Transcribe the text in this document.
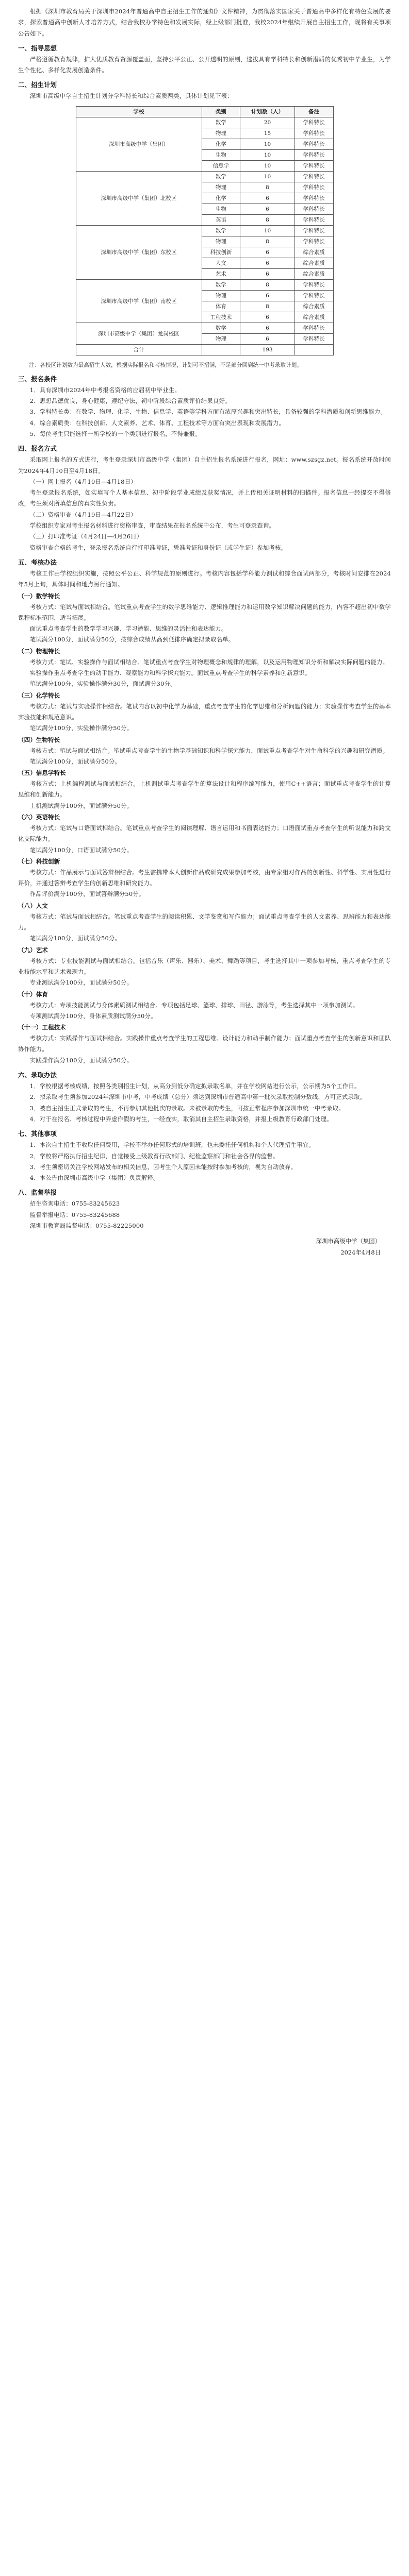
根据《深圳市教育局关于深圳市2024年普通高中自主招生工作的通知》文件精神，为贯彻落实国家关于普通高中多样化有特色发展的要求，探索普通高中创新人才培养方式，结合我校办学特色和发展实际，经上级部门批准，我校2024年继续开展自主招生工作，现将有关事项公告如下。

一、指导思想

严格遵循教育规律，扩大优质教育资源覆盖面，坚持公平公正、公开透明的原则，选拔具有学科特长和创新潜质的优秀初中毕业生，为学生个性化、多样化发展创造条件。

二、招生计划

深圳市高级中学自主招生计划分学科特长和综合素质两类，具体计划见下表：

学校	类别	计划数（人）	备注
深圳市高级中学（集团）	数学	20	学科特长
	物理	15	学科特长
	化学	10	学科特长
	生物	10	学科特长
	信息学	10	学科特长
深圳市高级中学（集团）北校区	数学	10	学科特长
	物理	8	学科特长
	化学	6	学科特长
	生物	6	学科特长
	英语	8	学科特长
深圳市高级中学（集团）东校区	数学	10	学科特长
	物理	8	学科特长
	科技创新	6	综合素质
	人文	6	综合素质
	艺术	6	综合素质
深圳市高级中学（集团）南校区	数学	8	学科特长
	物理	6	学科特长
	体育	8	综合素质
	工程技术	6	综合素质
深圳市高级中学（集团）龙岗校区	数学	6	学科特长
	物理	6	学科特长
合计		193	

注：各校区计划数为最高招生人数，根据实际报名和考核情况，计划可不招满，不足部分回到统一中考录取计划。

三、报名条件

1．具有深圳市2024年中考报名资格的应届初中毕业生。

2．思想品德优良，身心健康，遵纪守法，初中阶段综合素质评价结果良好。

3．学科特长类：在数学、物理、化学、生物、信息学、英语等学科方面有浓厚兴趣和突出特长，具备较强的学科潜质和创新思维能力。

4．综合素质类：在科技创新、人文素养、艺术、体育、工程技术等方面有突出表现和发展潜力。

5．每位考生只能选择一所学校的一个类别进行报名，不得兼报。

四、报名方式

采取网上报名的方式进行，考生登录深圳市高级中学（集团）自主招生报名系统进行报名，网址：www.szsgz.net。报名系统开放时间为2024年4月10日至4月18日。

（一）网上报名（4月10日—4月18日）

考生登录报名系统，如实填写个人基本信息、初中阶段学业成绩及获奖情况，并上传相关证明材料的扫描件。报名信息一经提交不得修改，考生须对所填信息的真实性负责。

（二）资格审查（4月19日—4月22日）

学校组织专家对考生报名材料进行资格审查，审查结果在报名系统中公布，考生可登录查询。

（三）打印准考证（4月24日—4月26日）

资格审查合格的考生，登录报名系统自行打印准考证，凭准考证和身份证（或学生证）参加考核。

五、考核办法

考核工作由学校组织实施，按照公平公正、科学规范的原则进行。考核内容包括学科能力测试和综合面试两部分，考核时间安排在2024年5月上旬，具体时间和地点另行通知。

（一）数学特长

考核方式：笔试与面试相结合。笔试重点考查学生的数学思维能力、逻辑推理能力和运用数学知识解决问题的能力，内容不超出初中数学课程标准范围，适当拓展。

面试重点考查学生的数学学习兴趣、学习潜能、思维的灵活性和表达能力。

笔试满分100分，面试满分50分，按综合成绩从高到低排序确定拟录取名单。

（二）物理特长

考核方式：笔试、实验操作与面试相结合。笔试重点考查学生对物理概念和规律的理解，以及运用物理知识分析和解决实际问题的能力。

实验操作重点考查学生的动手能力、观察能力和科学探究能力。面试重点考查学生的科学素养和创新意识。

笔试满分100分，实验操作满分30分，面试满分30分。

（三）化学特长

考核方式：笔试与实验操作相结合。笔试内容以初中化学为基础，重点考查学生的化学思维和分析问题的能力；实验操作考查学生的基本实验技能和规范意识。

笔试满分100分，实验操作满分50分。

（四）生物特长

考核方式：笔试与面试相结合。笔试重点考查学生的生物学基础知识和科学探究能力，面试重点考查学生对生命科学的兴趣和研究潜质。

笔试满分100分，面试满分50分。

（五）信息学特长

考核方式：上机编程测试与面试相结合。上机测试重点考查学生的算法设计和程序编写能力，使用C++语言；面试重点考查学生的计算思维和创新能力。

上机测试满分100分，面试满分50分。

（六）英语特长

考核方式：笔试与口语面试相结合。笔试重点考查学生的阅读理解、语言运用和书面表达能力；口语面试重点考查学生的听说能力和跨文化交际能力。

笔试满分100分，口语面试满分50分。

（七）科技创新

考核方式：作品展示与面试答辩相结合。考生需携带本人创新作品或研究成果参加考核，由专家组对作品的创新性、科学性、实用性进行评价，并通过答辩考查学生的创新思维和研究能力。

作品评价满分100分，面试答辩满分50分。

（八）人文

考核方式：笔试与面试相结合。笔试重点考查学生的阅读积累、文学鉴赏和写作能力；面试重点考查学生的人文素养、思辨能力和表达能力。

笔试满分100分，面试满分50分。

（九）艺术

考核方式：专业技能测试与面试相结合。包括音乐（声乐、器乐）、美术、舞蹈等项目，考生选择其中一项参加考核，重点考查学生的专业技能水平和艺术表现力。

专业测试满分100分，面试满分50分。

（十）体育

考核方式：专项技能测试与身体素质测试相结合。专项包括足球、篮球、排球、田径、游泳等，考生选择其中一项参加测试。

专项测试满分100分，身体素质测试满分50分。

（十一）工程技术

考核方式：实践操作与面试相结合。实践操作重点考查学生的工程思维、设计能力和动手制作能力；面试重点考查学生的创新意识和团队协作能力。

实践操作满分100分，面试满分50分。

六、录取办法

1．学校根据考核成绩，按照各类别招生计划，从高分到低分确定拟录取名单，并在学校网站进行公示，公示期为5个工作日。

2．拟录取考生须参加2024年深圳市中考，中考成绩（总分）须达到深圳市普通高中第一批次录取控制分数线，方可正式录取。

3．被自主招生正式录取的考生，不再参加其他批次的录取。未被录取的考生，可按正常程序参加深圳市统一中考录取。

4．对于在报名、考核过程中弄虚作假的考生，一经查实，取消其自主招生录取资格，并报上级教育行政部门处理。

七、其他事项

1．本次自主招生不收取任何费用，学校不举办任何形式的培训班，也未委托任何机构和个人代理招生事宜。

2．学校将严格执行招生纪律，自觉接受上级教育行政部门、纪检监察部门和社会各界的监督。

3．考生须密切关注学校网站发布的相关信息，因考生个人原因未能按时参加考核的，视为自动放弃。

4．本公告由深圳市高级中学（集团）负责解释。

八、监督举报

招生咨询电话：0755-83245623

监督举报电话：0755-83245688

深圳市教育局监督电话：0755-82225000

深圳市高级中学（集团）

2024年4月8日
